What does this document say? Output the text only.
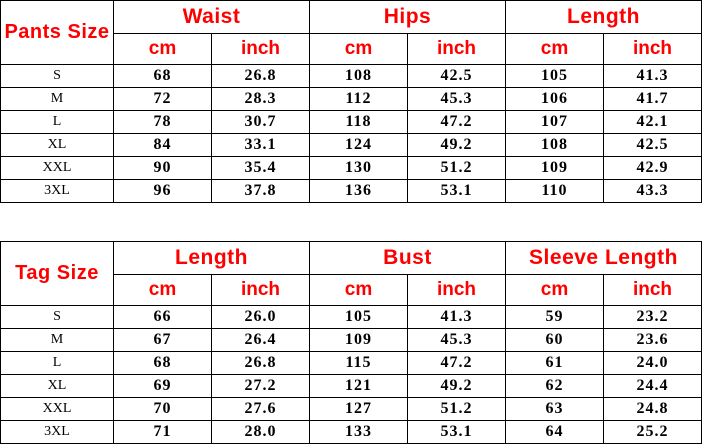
Pants Size	Waist		Hips		Length	
	cm	inch	cm	inch	cm	inch
S	68	26.8	108	42.5	105	41.3
M	72	28.3	112	45.3	106	41.7
L	78	30.7	118	47.2	107	42.1
XL	84	33.1	124	49.2	108	42.5
XXL	90	35.4	130	51.2	109	42.9
3XL	96	37.8	136	53.1	110	43.3
Tag Size	Length		Bust		Sleeve Length	
	cm	inch	cm	inch	cm	inch
S	66	26.0	105	41.3	59	23.2
M	67	26.4	109	45.3	60	23.6
L	68	26.8	115	47.2	61	24.0
XL	69	27.2	121	49.2	62	24.4
XXL	70	27.6	127	51.2	63	24.8
3XL	71	28.0	133	53.1	64	25.2
